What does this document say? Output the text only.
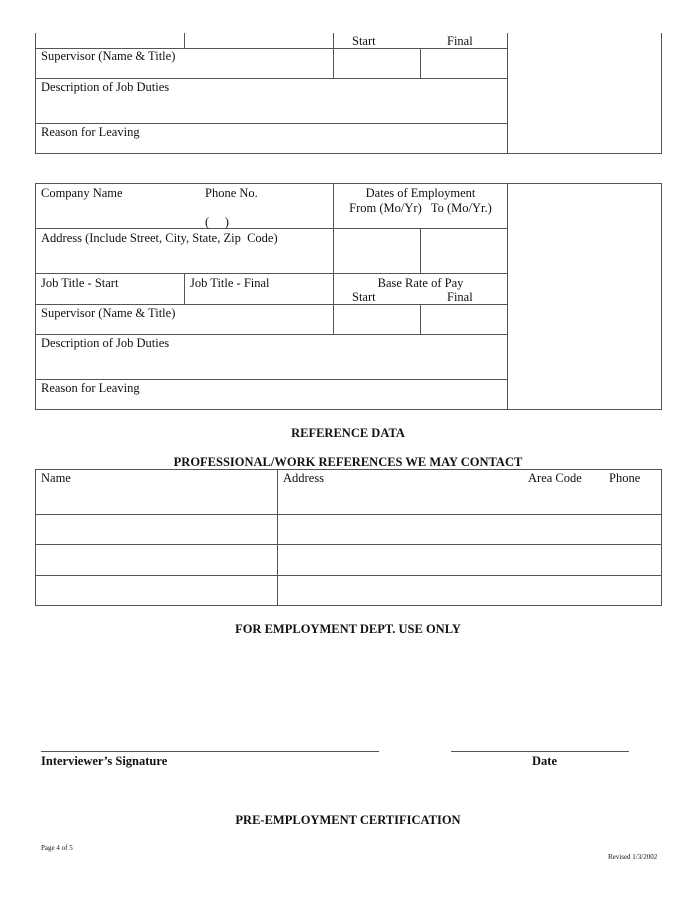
Start	Final
Supervisor (Name & Title)
Description of Job Duties
Reason for Leaving
Company Name	Phone No.
(     )
Dates of Employment
From (Mo/Yr)   To (Mo/Yr.)
Address (Include Street, City, State, Zip  Code)
Job Title - Start	Job Title - Final	Base Rate of Pay
Start	Final
Supervisor (Name & Title)
Description of Job Duties
Reason for Leaving
REFERENCE DATA
PROFESSIONAL/WORK REFERENCES WE MAY CONTACT
Name	Address	Area Code Phone
FOR EMPLOYMENT DEPT. USE ONLY
Interviewer’s Signature	Date
PRE-EMPLOYMENT CERTIFICATION
Page 4 of 5
Revised 1/3/2002
